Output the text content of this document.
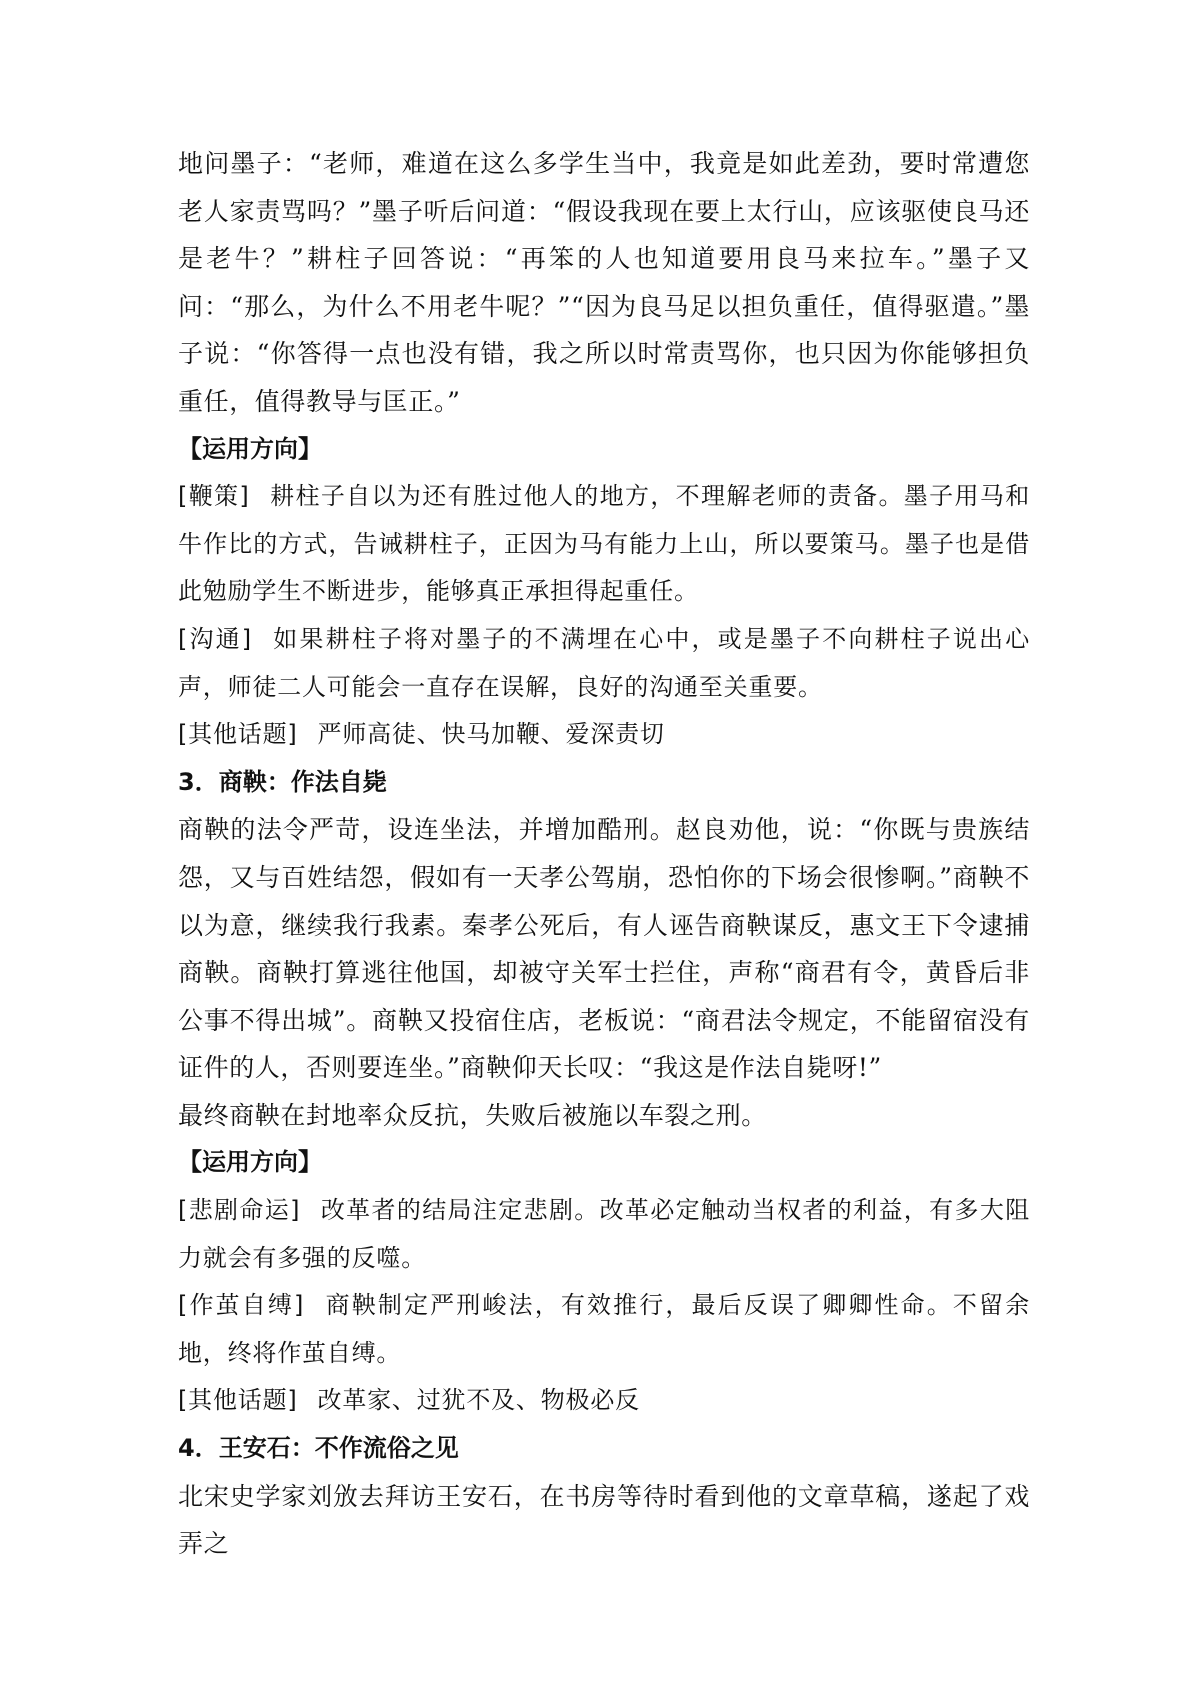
地问墨子：“老师，难道在这么多学生当中，我竟是如此差劲，要时常遭您老人家责骂吗？”墨子听后问道：“假设我现在要上太行山，应该驱使良马还是老牛？”耕柱子回答说：“再笨的人也知道要用良马来拉车。”墨子又问：“那么，为什么不用老牛呢？”“因为良马足以担负重任，值得驱遣。”墨子说：“你答得一点也没有错，我之所以时常责骂你，也只因为你能够担负重任，值得教导与匡正。”

【运用方向】

[鞭策] 耕柱子自以为还有胜过他人的地方，不理解老师的责备。墨子用马和牛作比的方式，告诫耕柱子，正因为马有能力上山，所以要策马。墨子也是借此勉励学生不断进步，能够真正承担得起重任。

[沟通] 如果耕柱子将对墨子的不满埋在心中，或是墨子不向耕柱子说出心声，师徒二人可能会一直存在误解，良好的沟通至关重要。

[其他话题] 严师高徒、快马加鞭、爱深责切

3．商鞅：作法自毙

商鞅的法令严苛，设连坐法，并增加酷刑。赵良劝他，说：“你既与贵族结怨，又与百姓结怨，假如有一天孝公驾崩，恐怕你的下场会很惨啊。”商鞅不以为意，继续我行我素。秦孝公死后，有人诬告商鞅谋反，惠文王下令逮捕商鞅。商鞅打算逃往他国，却被守关军士拦住，声称“商君有令，黄昏后非公事不得出城”。商鞅又投宿住店，老板说：“商君法令规定，不能留宿没有证件的人，否则要连坐。”商鞅仰天长叹：“我这是作法自毙呀!”

最终商鞅在封地率众反抗，失败后被施以车裂之刑。

【运用方向】

[悲剧命运] 改革者的结局注定悲剧。改革必定触动当权者的利益，有多大阻力就会有多强的反噬。

[作茧自缚] 商鞅制定严刑峻法，有效推行，最后反误了卿卿性命。不留余地，终将作茧自缚。

[其他话题] 改革家、过犹不及、物极必反

4．王安石：不作流俗之见

北宋史学家刘攽去拜访王安石，在书房等待时看到他的文章草稿，遂起了戏弄之
